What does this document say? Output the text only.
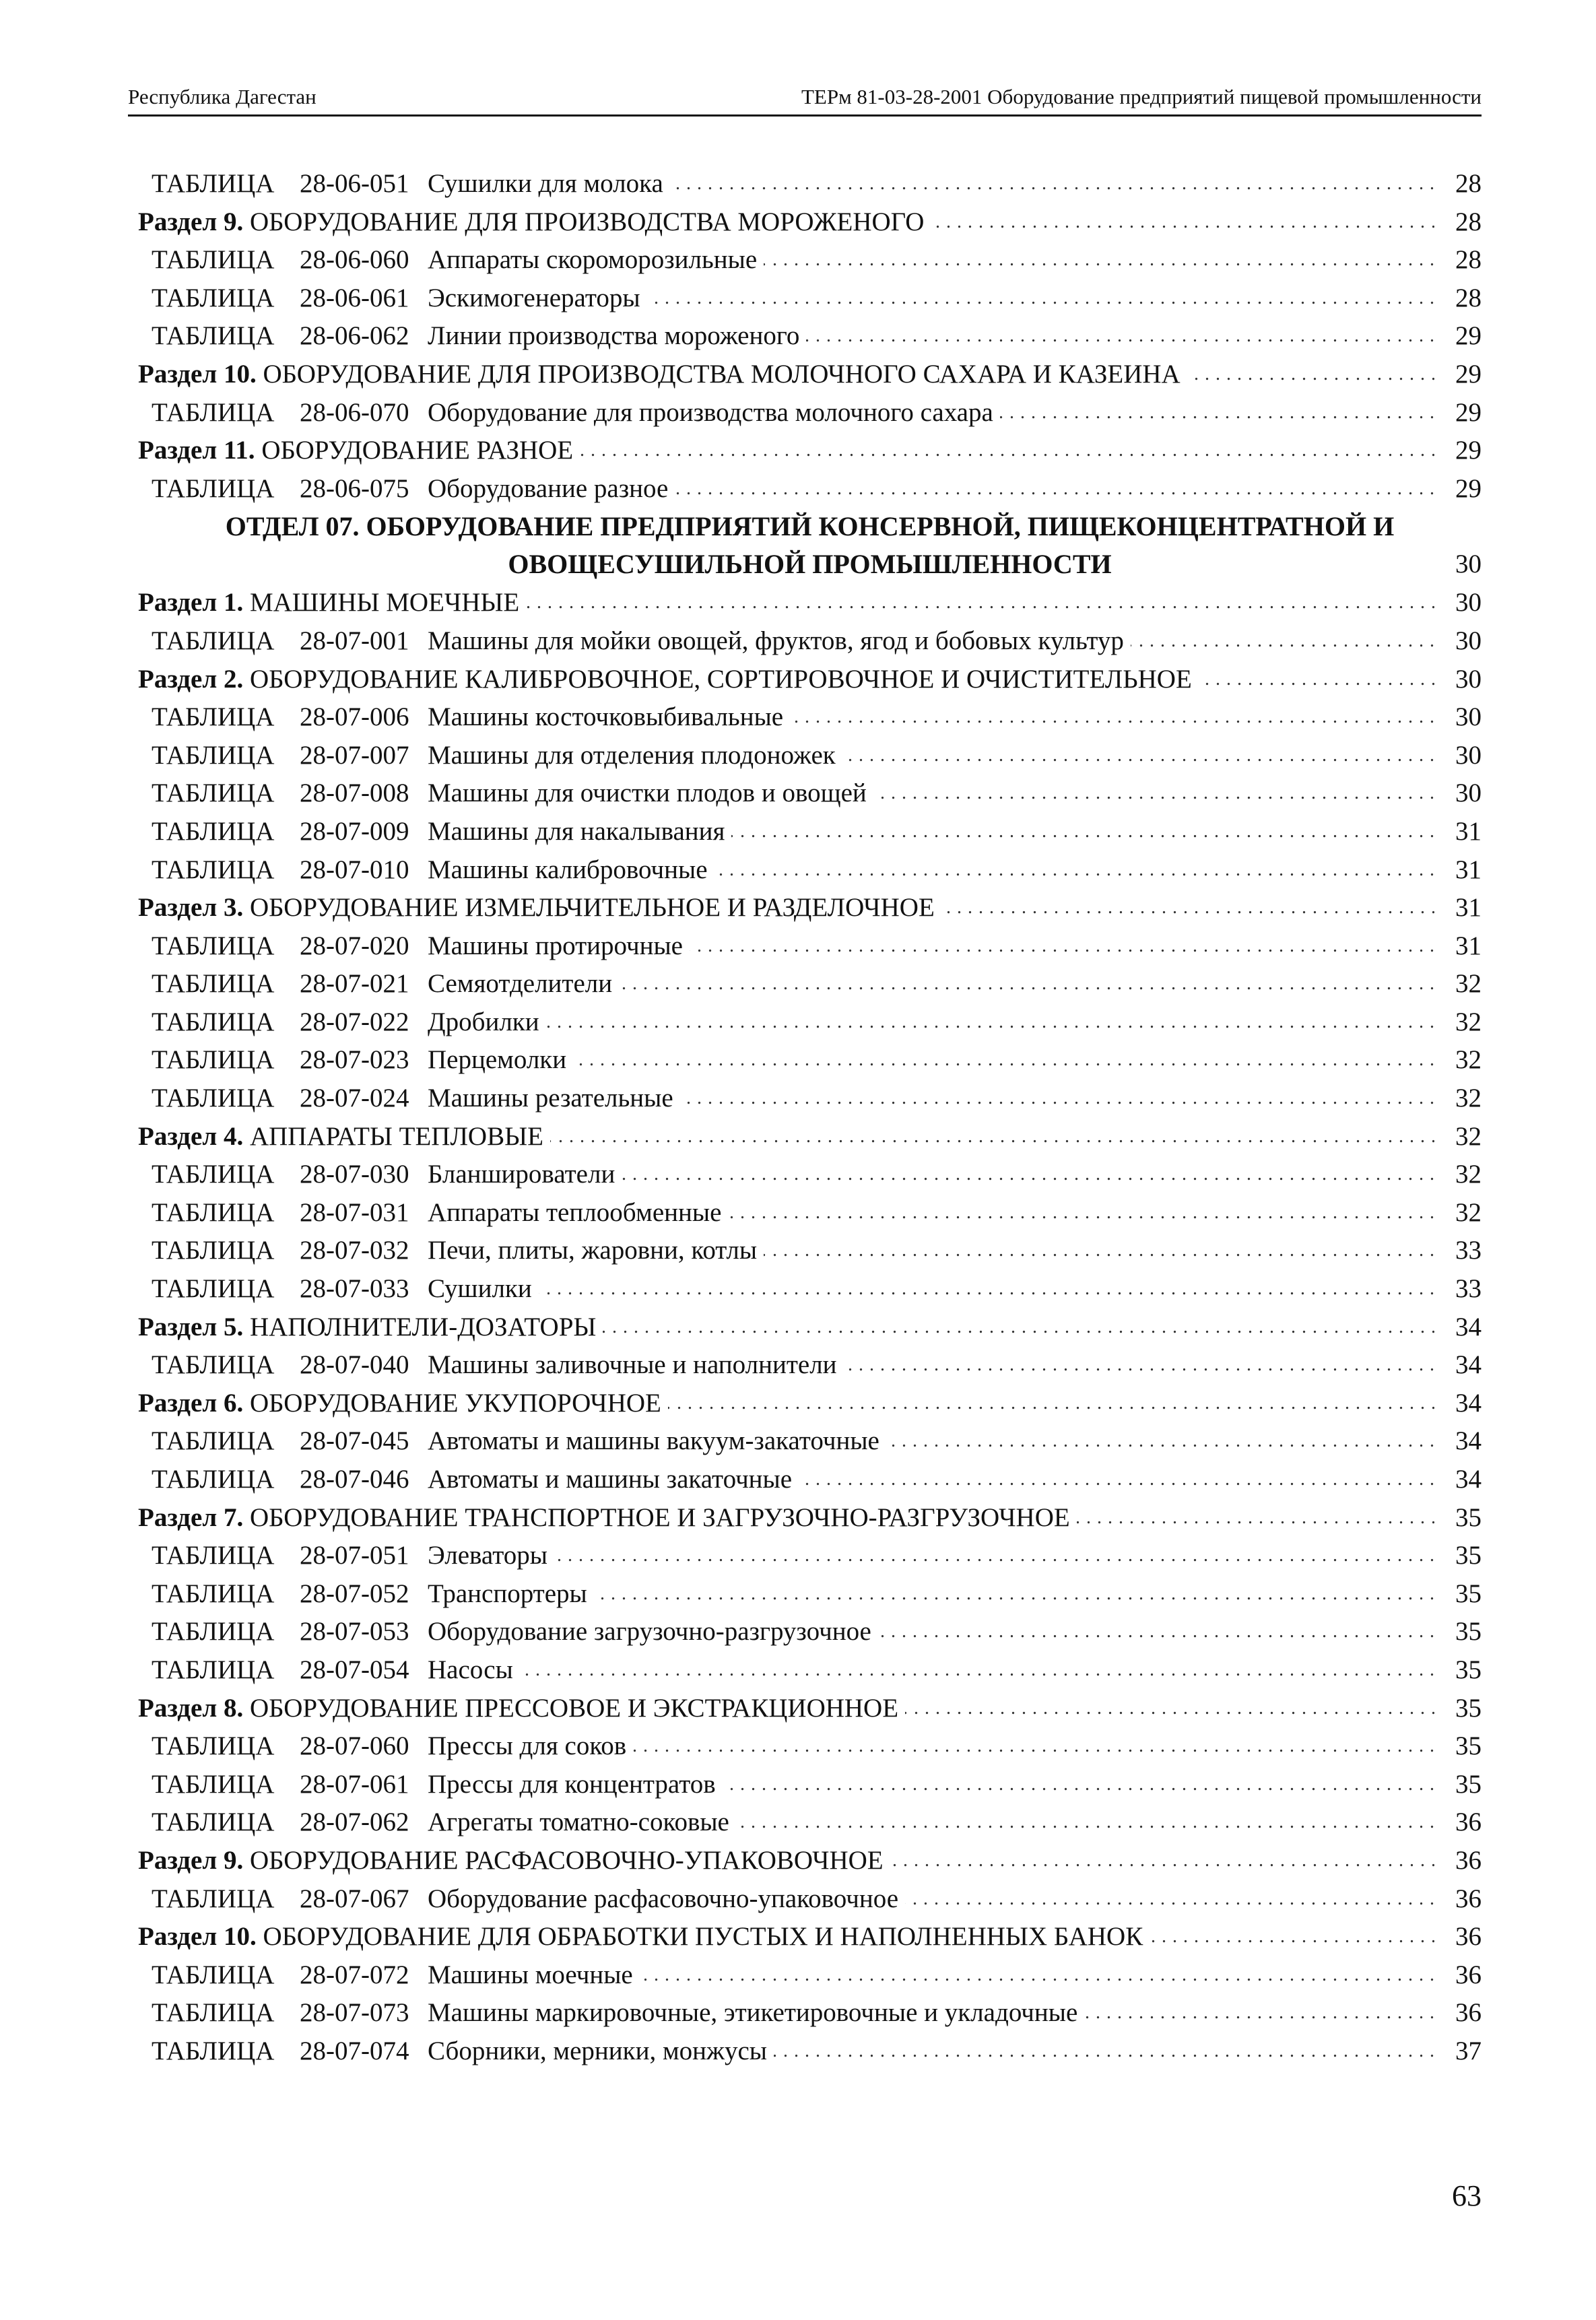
Республика Дагестан	ТЕРм 81-03-28-2001 Оборудование предприятий пищевой промышленности
ТАБЛИЦА 28-06-051 Сушилки для молока . . .	28
Раздел 9. ОБОРУДОВАНИЕ ДЛЯ ПРОИЗВОДСТВА МОРОЖЕНОГО . . .	28
ТАБЛИЦА 28-06-060 Аппараты скороморозильные . . .	28
ТАБЛИЦА 28-06-061 Эскимогенераторы . . .	28
ТАБЛИЦА 28-06-062 Линии производства мороженого . . .	29
Раздел 10. ОБОРУДОВАНИЕ ДЛЯ ПРОИЗВОДСТВА МОЛОЧНОГО САХАРА И КАЗЕИНА . . .	29
ТАБЛИЦА 28-06-070 Оборудование для производства молочного сахара . . .	29
Раздел 11. ОБОРУДОВАНИЕ РАЗНОЕ . . .	29
ТАБЛИЦА 28-06-075 Оборудование разное . . .	29
ОТДЕЛ 07. ОБОРУДОВАНИЕ ПРЕДПРИЯТИЙ КОНСЕРВНОЙ, ПИЩЕКОНЦЕНТРАТНОЙ И
ОВОЩЕСУШИЛЬНОЙ ПРОМЫШЛЕННОСТИ	30
Раздел 1. МАШИНЫ МОЕЧНЫЕ . . .	30
ТАБЛИЦА 28-07-001 Машины для мойки овощей, фруктов, ягод и бобовых культур . . .	30
Раздел 2. ОБОРУДОВАНИЕ КАЛИБРОВОЧНОЕ, СОРТИРОВОЧНОЕ И ОЧИСТИТЕЛЬНОЕ . . .	30
ТАБЛИЦА 28-07-006 Машины косточковыбивальные . . .	30
ТАБЛИЦА 28-07-007 Машины для отделения плодоножек . . .	30
ТАБЛИЦА 28-07-008 Машины для очистки плодов и овощей . . .	30
ТАБЛИЦА 28-07-009 Машины для накалывания . . .	31
ТАБЛИЦА 28-07-010 Машины калибровочные . . .	31
Раздел 3. ОБОРУДОВАНИЕ ИЗМЕЛЬЧИТЕЛЬНОЕ И РАЗДЕЛОЧНОЕ . . .	31
ТАБЛИЦА 28-07-020 Машины протирочные . . .	31
ТАБЛИЦА 28-07-021 Семяотделители . . .	32
ТАБЛИЦА 28-07-022 Дробилки . . .	32
ТАБЛИЦА 28-07-023 Перцемолки . . .	32
ТАБЛИЦА 28-07-024 Машины резательные . . .	32
Раздел 4. АППАРАТЫ ТЕПЛОВЫЕ . . .	32
ТАБЛИЦА 28-07-030 Бланширователи . . .	32
ТАБЛИЦА 28-07-031 Аппараты теплообменные . . .	32
ТАБЛИЦА 28-07-032 Печи, плиты, жаровни, котлы . . .	33
ТАБЛИЦА 28-07-033 Сушилки . . .	33
Раздел 5. НАПОЛНИТЕЛИ-ДОЗАТОРЫ . . .	34
ТАБЛИЦА 28-07-040 Машины заливочные и наполнители . . .	34
Раздел 6. ОБОРУДОВАНИЕ УКУПОРОЧНОЕ . . .	34
ТАБЛИЦА 28-07-045 Автоматы и машины вакуум-закаточные . . .	34
ТАБЛИЦА 28-07-046 Автоматы и машины закаточные . . .	34
Раздел 7. ОБОРУДОВАНИЕ ТРАНСПОРТНОЕ И ЗАГРУЗОЧНО-РАЗГРУЗОЧНОЕ . . .	35
ТАБЛИЦА 28-07-051 Элеваторы . . .	35
ТАБЛИЦА 28-07-052 Транспортеры . . .	35
ТАБЛИЦА 28-07-053 Оборудование загрузочно-разгрузочное . . .	35
ТАБЛИЦА 28-07-054 Насосы . . .	35
Раздел 8. ОБОРУДОВАНИЕ ПРЕССОВОЕ И ЭКСТРАКЦИОННОЕ . . .	35
ТАБЛИЦА 28-07-060 Прессы для соков . . .	35
ТАБЛИЦА 28-07-061 Прессы для концентратов . . .	35
ТАБЛИЦА 28-07-062 Агрегаты томатно-соковые . . .	36
Раздел 9. ОБОРУДОВАНИЕ РАСФАСОВОЧНО-УПАКОВОЧНОЕ . . .	36
ТАБЛИЦА 28-07-067 Оборудование расфасовочно-упаковочное . . .	36
Раздел 10. ОБОРУДОВАНИЕ ДЛЯ ОБРАБОТКИ ПУСТЫХ И НАПОЛНЕННЫХ БАНОК . . .	36
ТАБЛИЦА 28-07-072 Машины моечные . . .	36
ТАБЛИЦА 28-07-073 Машины маркировочные, этикетировочные и укладочные . . .	36
ТАБЛИЦА 28-07-074 Сборники, мерники, монжусы . . .	37
63
